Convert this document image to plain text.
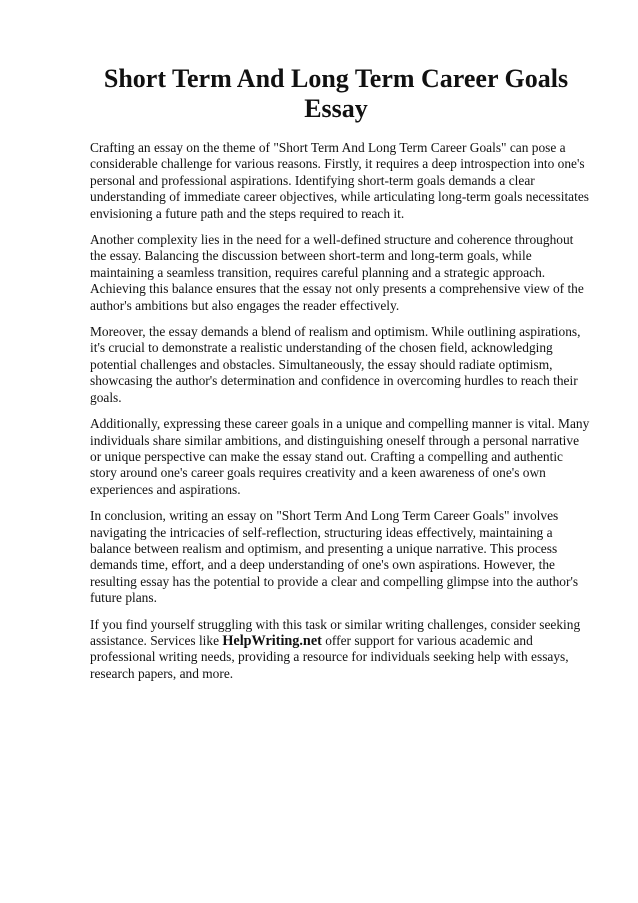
Short Term And Long Term Career Goals Essay

Crafting an essay on the theme of "Short Term And Long Term Career Goals" can pose a considerable challenge for various reasons. Firstly, it requires a deep introspection into one's personal and professional aspirations. Identifying short-term goals demands a clear understanding of immediate career objectives, while articulating long-term goals necessitates envisioning a future path and the steps required to reach it.

Another complexity lies in the need for a well-defined structure and coherence throughout the essay. Balancing the discussion between short-term and long-term goals, while maintaining a seamless transition, requires careful planning and a strategic approach. Achieving this balance ensures that the essay not only presents a comprehensive view of the author's ambitions but also engages the reader effectively.

Moreover, the essay demands a blend of realism and optimism. While outlining aspirations, it's crucial to demonstrate a realistic understanding of the chosen field, acknowledging potential challenges and obstacles. Simultaneously, the essay should radiate optimism, showcasing the author's determination and confidence in overcoming hurdles to reach their goals.

Additionally, expressing these career goals in a unique and compelling manner is vital. Many individuals share similar ambitions, and distinguishing oneself through a personal narrative or unique perspective can make the essay stand out. Crafting a compelling and authentic story around one's career goals requires creativity and a keen awareness of one's own experiences and aspirations.

In conclusion, writing an essay on "Short Term And Long Term Career Goals" involves navigating the intricacies of self-reflection, structuring ideas effectively, maintaining a balance between realism and optimism, and presenting a unique narrative. This process demands time, effort, and a deep understanding of one's own aspirations. However, the resulting essay has the potential to provide a clear and compelling glimpse into the author's future plans.

If you find yourself struggling with this task or similar writing challenges, consider seeking assistance. Services like HelpWriting.net offer support for various academic and professional writing needs, providing a resource for individuals seeking help with essays, research papers, and more.
